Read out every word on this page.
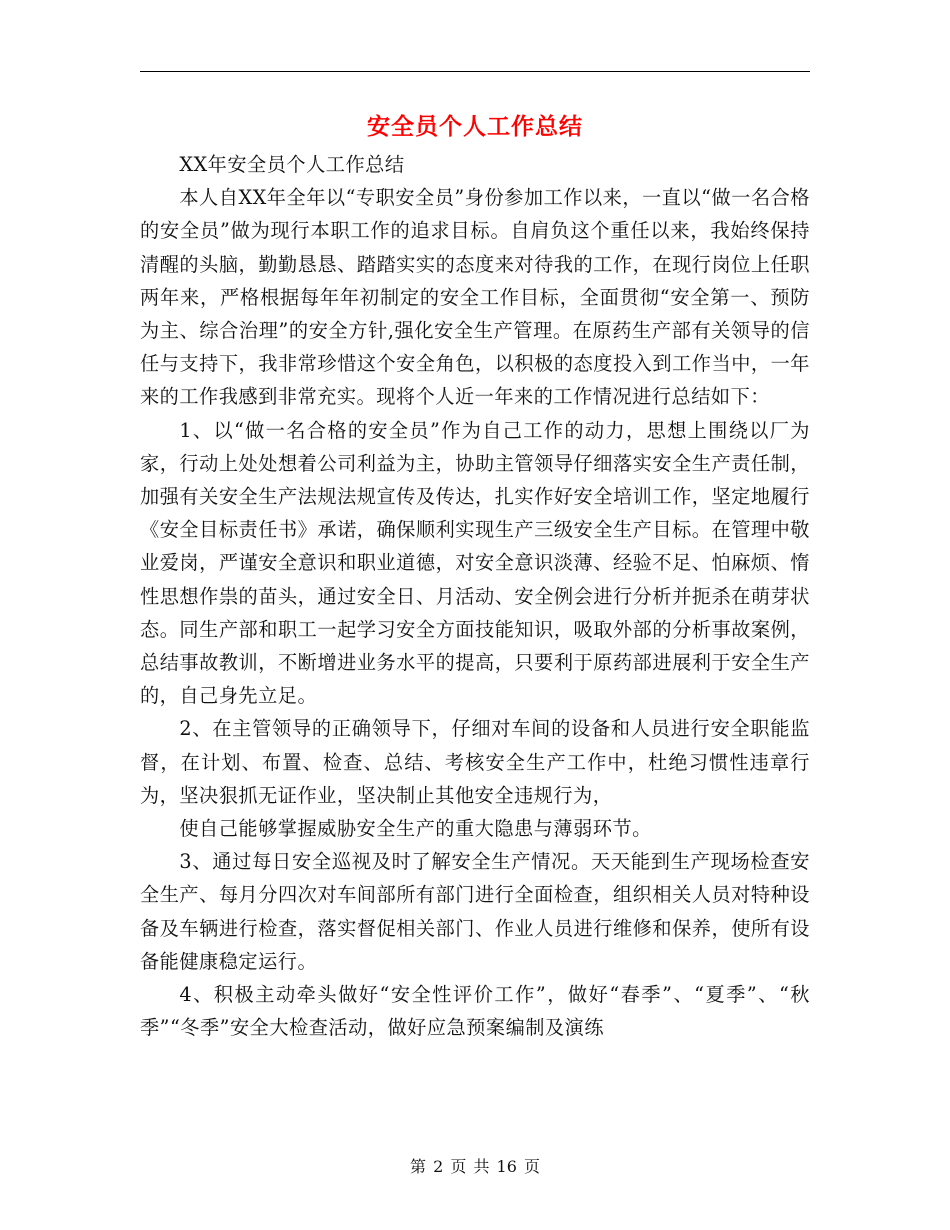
安全员个人工作总结

XX年安全员个人工作总结

本人自XX年全年以“专职安全员”身份参加工作以来，一直以“做一名合格的安全员”做为现行本职工作的追求目标。自肩负这个重任以来，我始终保持清醒的头脑，勤勤恳恳、踏踏实实的态度来对待我的工作，在现行岗位上任职两年来，严格根据每年年初制定的安全工作目标，全面贯彻“安全第一、预防为主、综合治理”的安全方针,强化安全生产管理。在原药生产部有关领导的信任与支持下，我非常珍惜这个安全角色，以积极的态度投入到工作当中，一年来的工作我感到非常充实。现将个人近一年来的工作情况进行总结如下：

1、以“做一名合格的安全员”作为自己工作的动力，思想上围绕以厂为家，行动上处处想着公司利益为主，协助主管领导仔细落实安全生产责任制，加强有关安全生产法规法规宣传及传达，扎实作好安全培训工作，坚定地履行《安全目标责任书》承诺，确保顺利实现生产三级安全生产目标。在管理中敬业爱岗，严谨安全意识和职业道德，对安全意识淡薄、经验不足、怕麻烦、惰性思想作祟的苗头，通过安全日、月活动、安全例会进行分析并扼杀在萌芽状态。同生产部和职工一起学习安全方面技能知识，吸取外部的分析事故案例，总结事故教训，不断增进业务水平的提高，只要利于原药部进展利于安全生产的，自己身先立足。

2、在主管领导的正确领导下，仔细对车间的设备和人员进行安全职能监督，在计划、布置、检查、总结、考核安全生产工作中，杜绝习惯性违章行为，坚决狠抓无证作业，坚决制止其他安全违规行为，

使自己能够掌握威胁安全生产的重大隐患与薄弱环节。

3、通过每日安全巡视及时了解安全生产情况。天天能到生产现场检查安全生产、每月分四次对车间部所有部门进行全面检查，组织相关人员对特种设备及车辆进行检查，落实督促相关部门、作业人员进行维修和保养，使所有设备能健康稳定运行。

4、积极主动牵头做好“安全性评价工作”，做好“春季”、“夏季”、“秋季”“冬季”安全大检查活动，做好应急预案编制及演练

第 2 页 共 16 页
